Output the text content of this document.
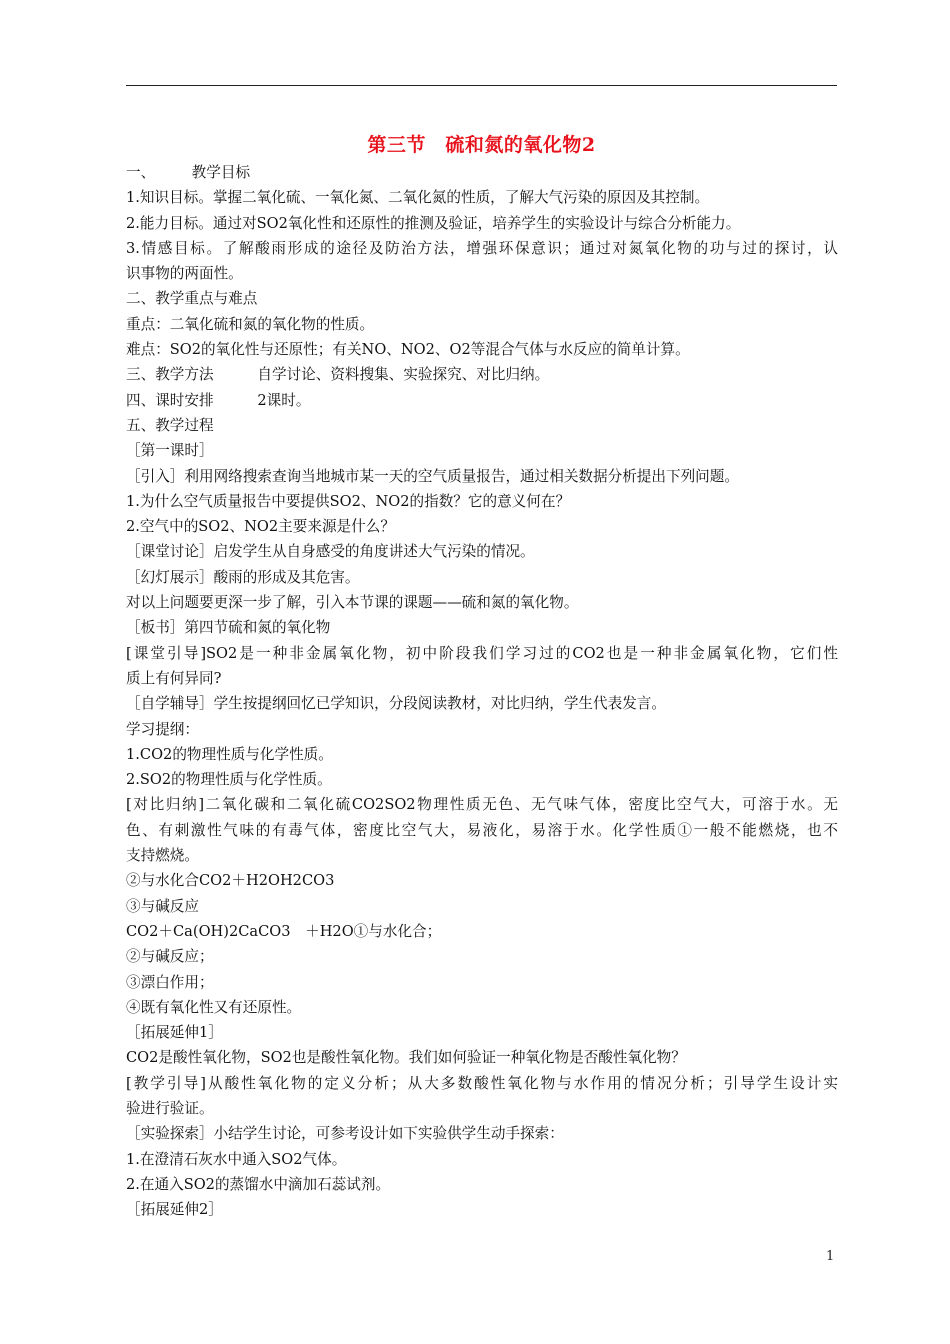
第三节　硫和氮的氧化物2
一、　　　教学目标
1.知识目标。掌握二氧化硫、一氧化氮、二氧化氮的性质，了解大气污染的原因及其控制。
2.能力目标。通过对SO2氧化性和还原性的推测及验证，培养学生的实验设计与综合分析能力。
3.情感目标。了解酸雨形成的途径及防治方法，增强环保意识；通过对氮氧化物的功与过的探讨，认
识事物的两面性。
二、教学重点与难点
重点：二氧化硫和氮的氧化物的性质。
难点：SO2的氧化性与还原性；有关NO、NO2、O2等混合气体与水反应的简单计算。
三、教学方法　　　自学讨论、资料搜集、实验探究、对比归纳。
四、课时安排　　　2课时。
五、教学过程
［第一课时］
［引入］利用网络搜索查询当地城市某一天的空气质量报告，通过相关数据分析提出下列问题。
1.为什么空气质量报告中要提供SO2、NO2的指数？它的意义何在？
2.空气中的SO2、NO2主要来源是什么？
［课堂讨论］启发学生从自身感受的角度讲述大气污染的情况。
［幻灯展示］酸雨的形成及其危害。
对以上问题要更深一步了解，引入本节课的课题——硫和氮的氧化物。
［板书］第四节硫和氮的氧化物
[课堂引导]SO2是一种非金属氧化物，初中阶段我们学习过的CO2也是一种非金属氧化物，它们性
质上有何异同?
［自学辅导］学生按提纲回忆已学知识，分段阅读教材，对比归纳，学生代表发言。
学习提纲：
1.CO2的物理性质与化学性质。
2.SO2的物理性质与化学性质。
[对比归纳]二氧化碳和二氧化硫CO2SO2物理性质无色、无气味气体，密度比空气大，可溶于水。无
色、有刺激性气味的有毒气体，密度比空气大，易液化，易溶于水。化学性质①一般不能燃烧，也不
支持燃烧。
②与水化合CO2＋H2OH2CO3
③与碱反应
CO2＋Ca(OH)2CaCO3　＋H2O①与水化合；
②与碱反应；
③漂白作用；
④既有氧化性又有还原性。
［拓展延伸1］
CO2是酸性氧化物，SO2也是酸性氧化物。我们如何验证一种氧化物是否酸性氧化物？
[教学引导]从酸性氧化物的定义分析；从大多数酸性氧化物与水作用的情况分析；引导学生设计实
验进行验证。
［实验探索］小结学生讨论，可参考设计如下实验供学生动手探索：
1.在澄清石灰水中通入SO2气体。
2.在通入SO2的蒸馏水中滴加石蕊试剂。
［拓展延伸2］
1
